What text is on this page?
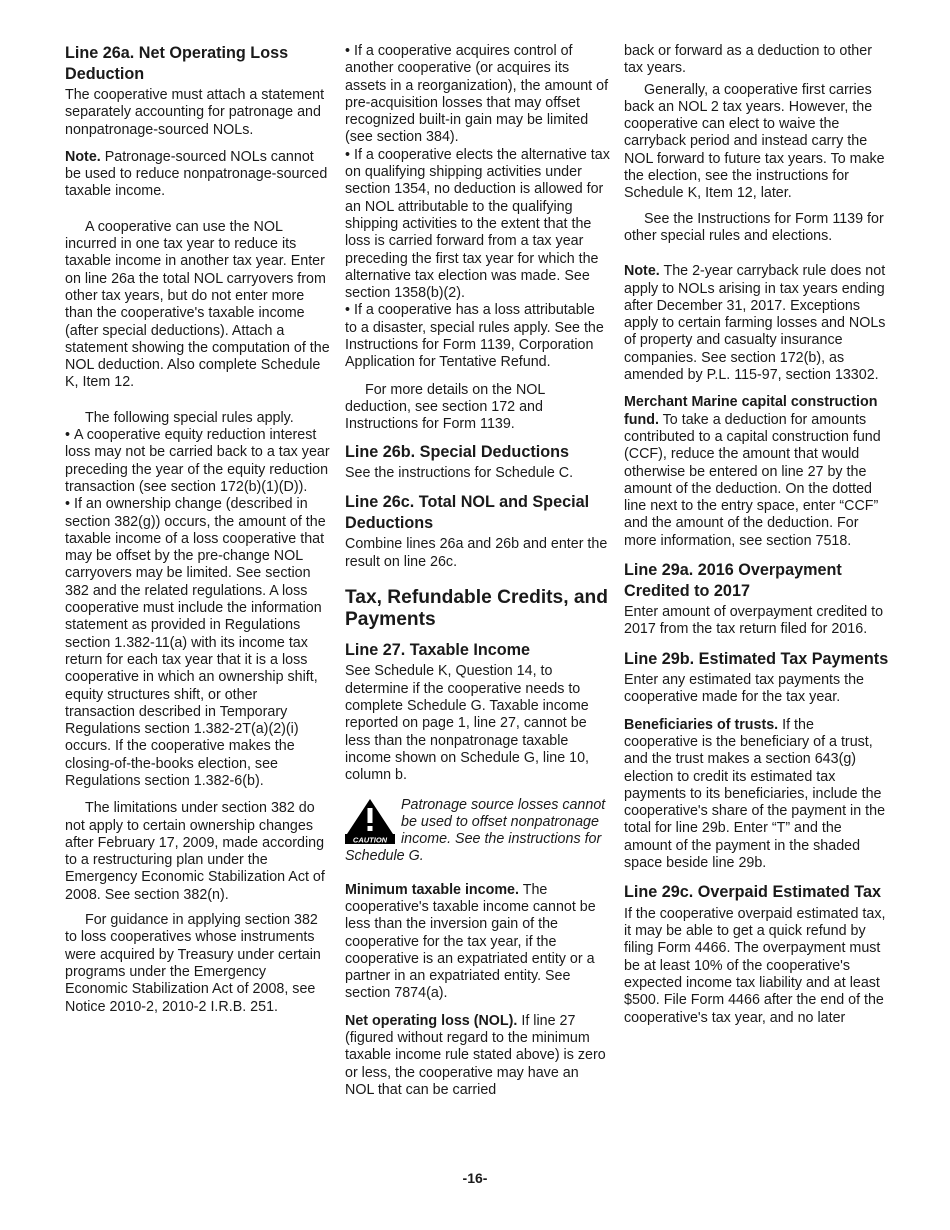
Line 26a. Net Operating Loss Deduction

The cooperative must attach a statement separately accounting for patronage and nonpatronage-sourced NOLs.

Note. Patronage-sourced NOLs cannot be used to reduce nonpatronage-sourced taxable income.

A cooperative can use the NOL incurred in one tax year to reduce its taxable income in another tax year. Enter on line 26a the total NOL carryovers from other tax years, but do not enter more than the cooperative's taxable income (after special deductions). Attach a statement showing the computation of the NOL deduction. Also complete Schedule K, Item 12.

The following special rules apply.

• A cooperative equity reduction interest loss may not be carried back to a tax year preceding the year of the equity reduction transaction (see section 172(b)(1)(D)).

• If an ownership change (described in section 382(g)) occurs, the amount of the taxable income of a loss cooperative that may be offset by the pre-change NOL carryovers may be limited. See section 382 and the related regulations. A loss cooperative must include the information statement as provided in Regulations section 1.382-11(a) with its income tax return for each tax year that it is a loss cooperative in which an ownership shift, equity structures shift, or other transaction described in Temporary Regulations section 1.382-2T(a)(2)(i) occurs. If the cooperative makes the closing-of-the-books election, see Regulations section 1.382-6(b).

The limitations under section 382 do not apply to certain ownership changes after February 17, 2009, made according to a restructuring plan under the Emergency Economic Stabilization Act of 2008. See section 382(n).

For guidance in applying section 382 to loss cooperatives whose instruments were acquired by Treasury under certain programs under the Emergency Economic Stabilization Act of 2008, see Notice 2010-2, 2010-2 I.R.B. 251.

• If a cooperative acquires control of another cooperative (or acquires its assets in a reorganization), the amount of pre-acquisition losses that may offset recognized built-in gain may be limited (see section 384).

• If a cooperative elects the alternative tax on qualifying shipping activities under section 1354, no deduction is allowed for an NOL attributable to the qualifying shipping activities to the extent that the loss is carried forward from a tax year preceding the first tax year for which the alternative tax election was made. See section 1358(b)(2).

• If a cooperative has a loss attributable to a disaster, special rules apply. See the Instructions for Form 1139, Corporation Application for Tentative Refund.

For more details on the NOL deduction, see section 172 and Instructions for Form 1139.

Line 26b. Special Deductions

See the instructions for Schedule C.

Line 26c. Total NOL and Special Deductions

Combine lines 26a and 26b and enter the result on line 26c.

Tax, Refundable Credits, and Payments
Line 27. Taxable Income

See Schedule K, Question 14, to determine if the cooperative needs to complete Schedule G. Taxable income reported on page 1, line 27, cannot be less than the nonpatronage taxable income shown on Schedule G, line 10, column b.

CAUTION
Patronage source losses cannot be used to offset nonpatronage income. See the instructions for Schedule G.

Minimum taxable income. The cooperative's taxable income cannot be less than the inversion gain of the cooperative for the tax year, if the cooperative is an expatriated entity or a partner in an expatriated entity. See section 7874(a).

Net operating loss (NOL). If line 27 (figured without regard to the minimum taxable income rule stated above) is zero or less, the cooperative may have an NOL that can be carried

back or forward as a deduction to other tax years.

Generally, a cooperative first carries back an NOL 2 tax years. However, the cooperative can elect to waive the carryback period and instead carry the NOL forward to future tax years. To make the election, see the instructions for Schedule K, Item 12, later.

See the Instructions for Form 1139 for other special rules and elections.

Note. The 2-year carryback rule does not apply to NOLs arising in tax years ending after December 31, 2017. Exceptions apply to certain farming losses and NOLs of property and casualty insurance companies. See section 172(b), as amended by P.L. 115-97, section 13302.

Merchant Marine capital construction fund. To take a deduction for amounts contributed to a capital construction fund (CCF), reduce the amount that would otherwise be entered on line 27 by the amount of the deduction. On the dotted line next to the entry space, enter “CCF” and the amount of the deduction. For more information, see section 7518.

Line 29a. 2016 Overpayment Credited to 2017

Enter amount of overpayment credited to 2017 from the tax return filed for 2016.

Line 29b. Estimated Tax Payments

Enter any estimated tax payments the cooperative made for the tax year.

Beneficiaries of trusts. If the cooperative is the beneficiary of a trust, and the trust makes a section 643(g) election to credit its estimated tax payments to its beneficiaries, include the cooperative's share of the payment in the total for line 29b. Enter “T” and the amount of the payment in the shaded space beside line 29b.

Line 29c. Overpaid Estimated Tax

If the cooperative overpaid estimated tax, it may be able to get a quick refund by filing Form 4466. The overpayment must be at least 10% of the cooperative's expected income tax liability and at least $500. File Form 4466 after the end of the cooperative's tax year, and no later

-16-
